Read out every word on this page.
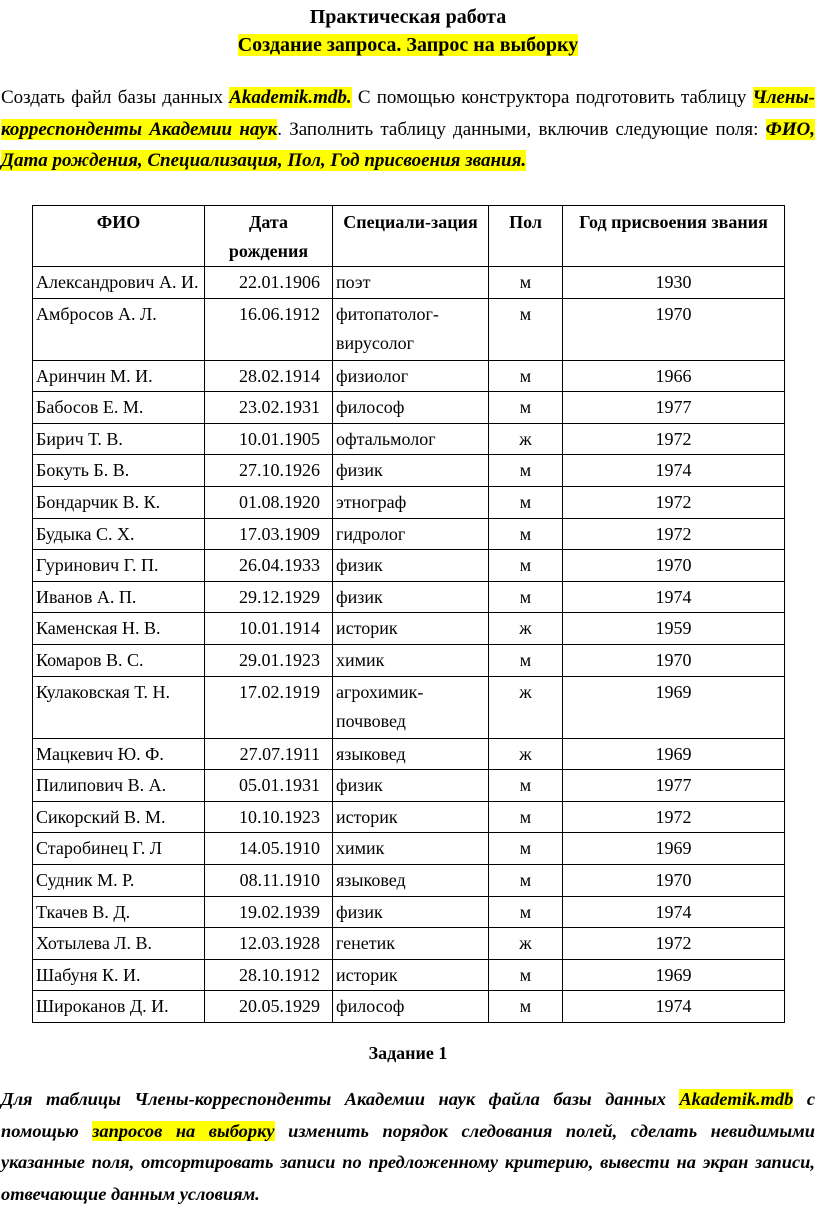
Практическая работа
Создание запроса. Запрос на выборку
Создать файл базы данных Akademik.mdb. С помощью конструктора подготовить таблицу Члены-корреспонденты Академии наук. Заполнить таблицу данными, включив следующие поля: ФИО, Дата рождения, Специализация, Пол, Год присвоения звания.
ФИО	Дата рождения	Специали-зация	Пол	Год присвоения звания
Александрович А. И.	22.01.1906	поэт	м	1930
Амбросов А. Л.	16.06.1912	фитопатолог-вирусолог	м	1970
Аринчин М. И.	28.02.1914	физиолог	м	1966
Бабосов Е. М.	23.02.1931	философ	м	1977
Бирич Т. В.	10.01.1905	офтальмолог	ж	1972
Бокуть Б. В.	27.10.1926	физик	м	1974
Бондарчик В. К.	01.08.1920	этнограф	м	1972
Будыка С. Х.	17.03.1909	гидролог	м	1972
Гуринович Г. П.	26.04.1933	физик	м	1970
Иванов А. П.	29.12.1929	физик	м	1974
Каменская Н. В.	10.01.1914	историк	ж	1959
Комаров В. С.	29.01.1923	химик	м	1970
Кулаковская Т. Н.	17.02.1919	агрохимик-почвовед	ж	1969
Мацкевич Ю. Ф.	27.07.1911	языковед	ж	1969
Пилипович В. А.	05.01.1931	физик	м	1977
Сикорский В. М.	10.10.1923	историк	м	1972
Старобинец Г. Л	14.05.1910	химик	м	1969
Судник М. Р.	08.11.1910	языковед	м	1970
Ткачев В. Д.	19.02.1939	физик	м	1974
Хотылева Л. В.	12.03.1928	генетик	ж	1972
Шабуня К. И.	28.10.1912	историк	м	1969
Широканов Д. И.	20.05.1929	философ	м	1974
Задание 1
Для таблицы Члены-корреспонденты Академии наук файла базы данных Akademik.mdb с помощью запросов на выборку изменить порядок следования полей, сделать невидимыми указанные поля, отсортировать записи по предложенному критерию, вывести на экран записи, отвечающие данным условиям.
